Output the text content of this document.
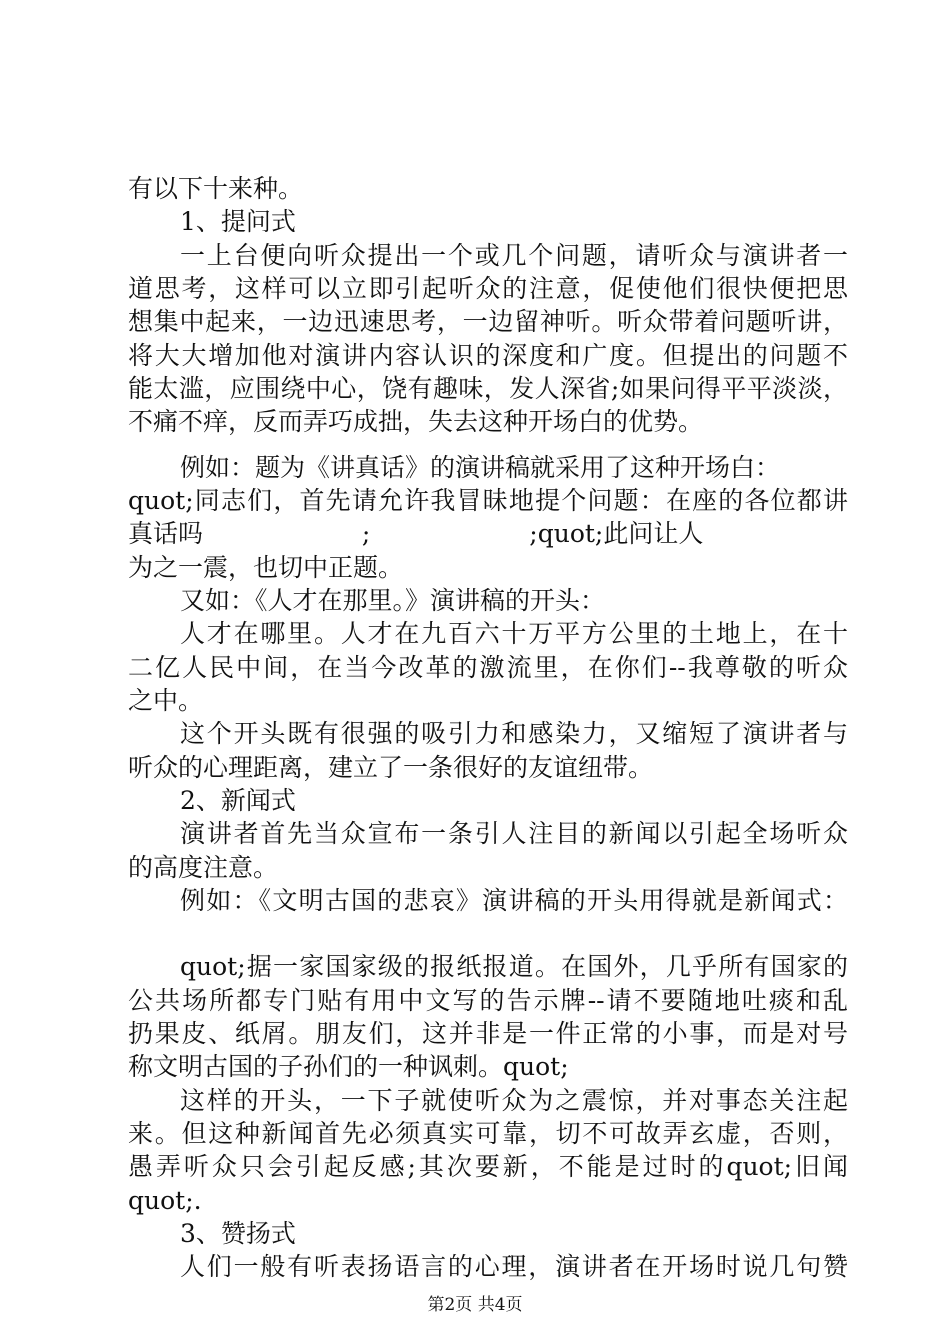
有以下十来种。
1、提问式
一上台便向听众提出一个或几个问题，请听众与演讲者一
道思考，这样可以立即引起听众的注意，促使他们很快便把思
想集中起来，一边迅速思考，一边留神听。听众带着问题听讲，
将大大增加他对演讲内容认识的深度和广度。但提出的问题不
能太滥，应围绕中心，饶有趣味，发人深省;如果问得平平淡淡，
不痛不痒，反而弄巧成拙，失去这种开场白的优势。
例如：题为《讲真话》的演讲稿就采用了这种开场白：
quot;同志们，首先请允许我冒昧地提个问题：在座的各位都讲
真话吗                    ;                    ;quot;此问让人
为之一震，也切中正题。
又如：《人才在那里。》演讲稿的开头：
人才在哪里。人才在九百六十万平方公里的土地上，在十
二亿人民中间，在当今改革的激流里，在你们--我尊敬的听众
之中。
这个开头既有很强的吸引力和感染力，又缩短了演讲者与
听众的心理距离，建立了一条很好的友谊纽带。
2、新闻式
演讲者首先当众宣布一条引人注目的新闻以引起全场听众
的高度注意。
例如：《文明古国的悲哀》演讲稿的开头用得就是新闻式：
quot;据一家国家级的报纸报道。在国外，几乎所有国家的
公共场所都专门贴有用中文写的告示牌--请不要随地吐痰和乱
扔果皮、纸屑。朋友们，这并非是一件正常的小事，而是对号
称文明古国的子孙们的一种讽刺。quot;
这样的开头，一下子就使听众为之震惊，并对事态关注起
来。但这种新闻首先必须真实可靠，切不可故弄玄虚，否则，
愚弄听众只会引起反感;其次要新，不能是过时的quot;旧闻
quot;.
3、赞扬式
人们一般有听表扬语言的心理，演讲者在开场时说几句赞
第2页 共4页
